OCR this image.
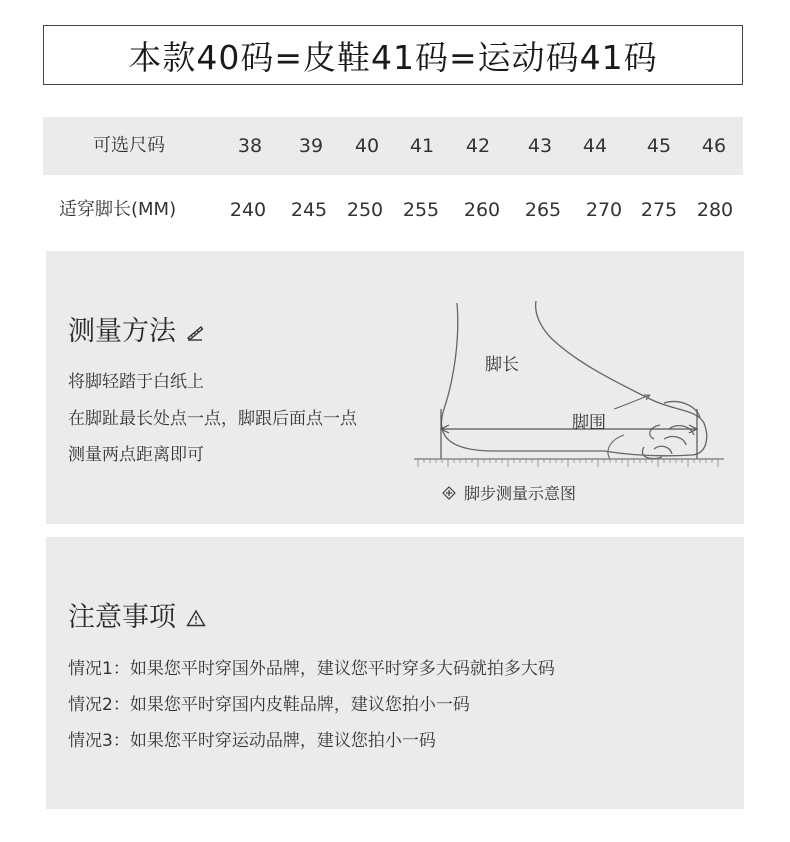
本款40码=皮鞋41码=运动码41码
可选尺码	38 39 40 41 42 43 44 45 46
适穿脚长(MM)	240 245 250 255 260 265 270 275 280
测量方法
将脚轻踏于白纸上
在脚趾最长处点一点，脚跟后面点一点
测量两点距离即可
脚长
脚围
脚步测量示意图
注意事项
情况1：如果您平时穿国外品牌，建议您平时穿多大码就拍多大码
情况2：如果您平时穿国内皮鞋品牌，建议您拍小一码
情况3：如果您平时穿运动品牌，建议您拍小一码
